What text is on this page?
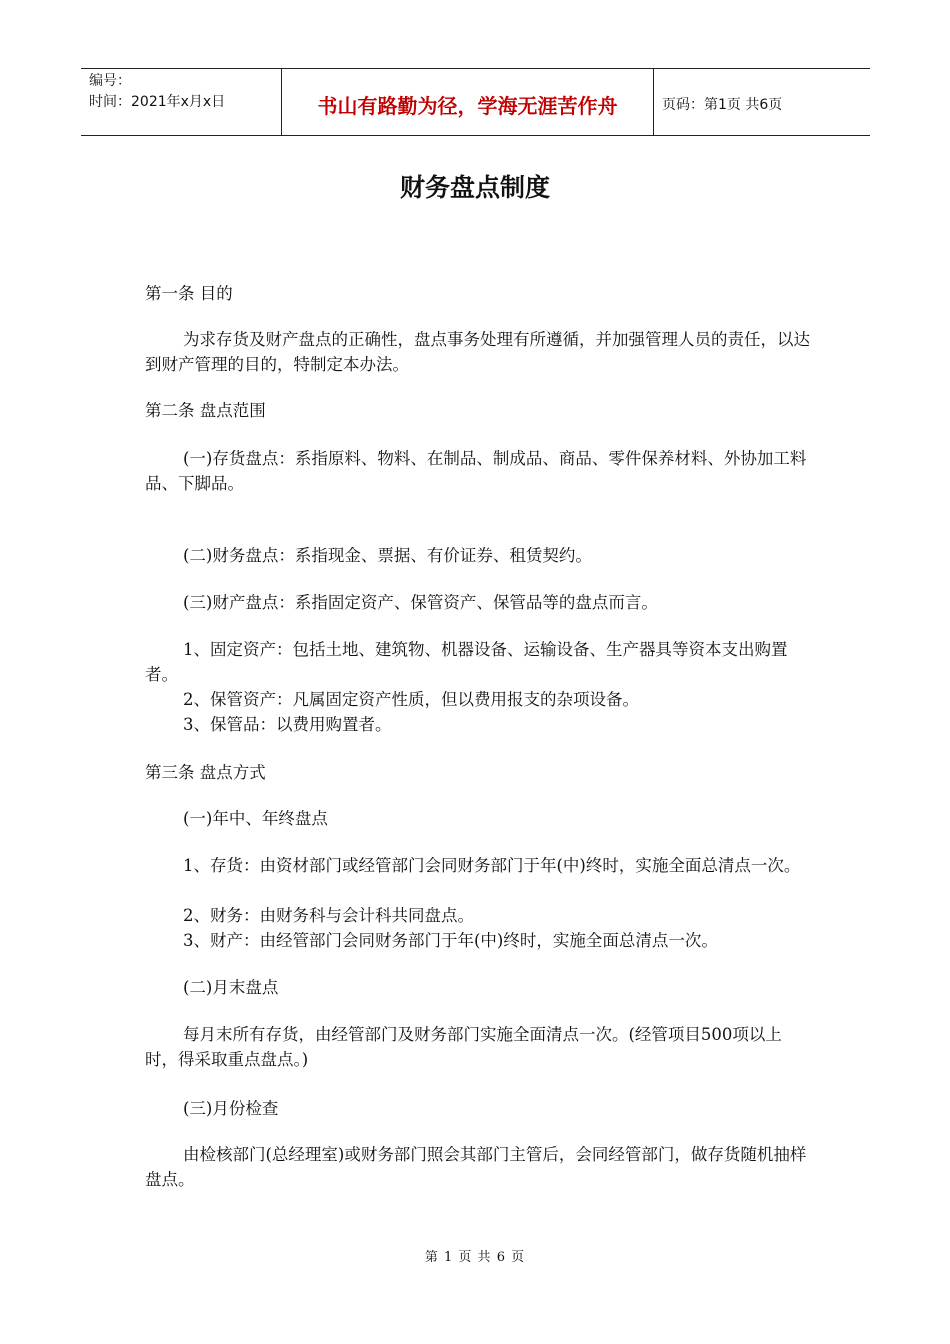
编号：
时间：2021年x月x日	书山有路勤为径，学海无涯苦作舟	页码：第1页 共6页
财务盘点制度

第一条 目的

为求存货及财产盘点的正确性，盘点事务处理有所遵循，并加强管理人员的责任，以达到财产管理的目的，特制定本办法。

第二条 盘点范围

(一)存货盘点：系指原料、物料、在制品、制成品、商品、零件保养材料、外协加工料品、下脚品。

(二)财务盘点：系指现金、票据、有价证券、租赁契约。

(三)财产盘点：系指固定资产、保管资产、保管品等的盘点而言。

1、固定资产：包括土地、建筑物、机器设备、运输设备、生产器具等资本支出购置者。

2、保管资产：凡属固定资产性质，但以费用报支的杂项设备。

3、保管品：以费用购置者。

第三条 盘点方式

(一)年中、年终盘点

1、存货：由资材部门或经管部门会同财务部门于年(中)终时，实施全面总清点一次。

2、财务：由财务科与会计科共同盘点。

3、财产：由经管部门会同财务部门于年(中)终时，实施全面总清点一次。

(二)月末盘点

每月末所有存货，由经管部门及财务部门实施全面清点一次。(经管项目500项以上时，得采取重点盘点。)

(三)月份检查

由检核部门(总经理室)或财务部门照会其部门主管后，会同经管部门，做存货随机抽样盘点。

第 1 页 共 6 页
